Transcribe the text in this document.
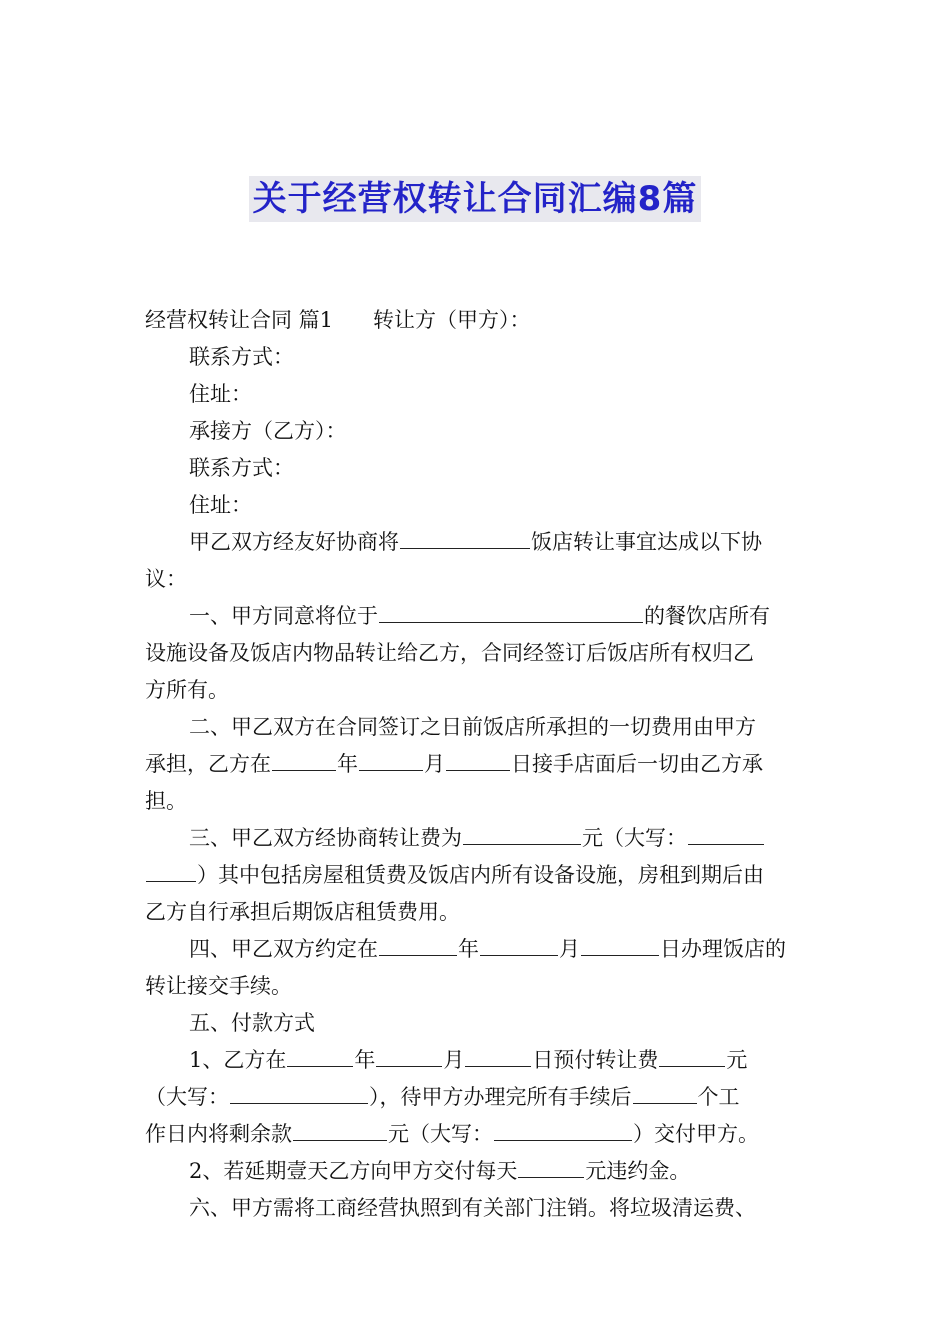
关于经营权转让合同汇编8篇
经营权转让合同 篇1 转让方（甲方）：
联系方式：
住址：
承接方（乙方）：
联系方式：
住址：
甲乙双方经友好协商将	饭店转让事宜达成以下协
议：
一、甲方同意将位于	的餐饮店所有
设施设备及饭店内物品转让给乙方，合同经签订后饭店所有权归乙
方所有。
二、甲乙双方在合同签订之日前饭店所承担的一切费用由甲方
承担，乙方在	年	月	日接手店面后一切由乙方承
担。
三、甲乙双方经协商转让费为	元（大写：
）其中包括房屋租赁费及饭店内所有设备设施，房租到期后由
乙方自行承担后期饭店租赁费用。
四、甲乙双方约定在	年	月	日办理饭店的
转让接交手续。
五、付款方式
1、乙方在	年	月	日预付转让费	元
（大写：	），待甲方办理完所有手续后	个工
作日内将剩余款	元（大写：	）交付甲方。
2、若延期壹天乙方向甲方交付每天	元违约金。
六、甲方需将工商经营执照到有关部门注销。将垃圾清运费、
